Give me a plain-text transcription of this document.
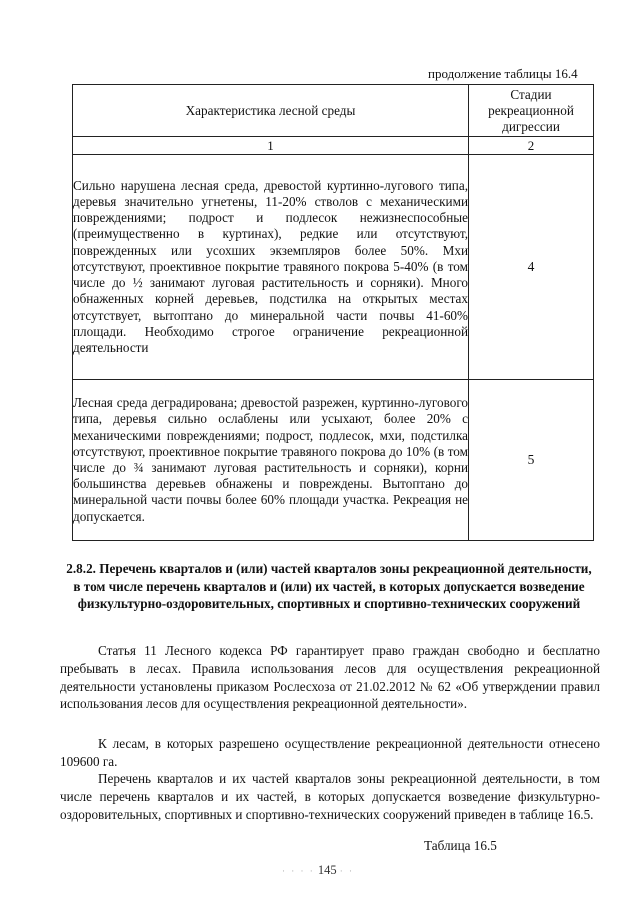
продолжение таблицы 16.4
Характеристика лесной среды	Стадии рекреационной дигрессии
1	2
Сильно нарушена лесная среда, древостой куртинно-лугового типа, деревья значительно угнетены, 11-20% стволов с механическими повреждениями; подрост и подлесок нежизнеспособные (преимущественно в куртинах), редкие или отсутствуют, поврежденных или усохших экземпляров более 50%. Мхи отсутствуют, проективное покрытие травяного покрова 5-40% (в том числе до ½ занимают луговая растительность и сорняки). Много обнаженных корней деревьев, подстилка на открытых местах отсутствует, вытоптано до минеральной части почвы 41-60% площади. Необходимо строгое ограничение рекреационной деятельности	4
Лесная среда деградирована; древостой разрежен, куртинно-лугового типа, деревья сильно ослаблены или усыхают, более 20% с механическими повреждениями; подрост, подлесок, мхи, подстилка отсутствуют, проективное покрытие травяного покрова до 10% (в том числе до ¾ занимают луговая растительность и сорняки), корни большинства деревьев обнажены и повреждены. Вытоптано до минеральной части почвы более 60% площади участка. Рекреация не допускается.	5
2.8.2. Перечень кварталов и (или) частей кварталов зоны рекреационной деятельности, в том числе перечень кварталов и (или) их частей, в которых допускается возведение физкультурно-оздоровительных, спортивных и спортивно-технических сооружений
Статья 11 Лесного кодекса РФ гарантирует право граждан свободно и бесплатно пребывать в лесах. Правила использования лесов для осуществления рекреационной деятельности установлены приказом Рослесхоза от 21.02.2012 № 62 «Об утверждении правил использования лесов для осуществления рекреационной деятельности».
К лесам, в которых разрешено осуществление рекреационной деятельности отнесено 109600 га.
Перечень кварталов и их частей кварталов зоны рекреационной деятельности, в том числе перечень кварталов и их частей, в которых допускается возведение физкультурно-оздоровительных, спортивных и спортивно-технических сооружений приведен в таблице 16.5.
Таблица 16.5
· · · · 145 · ·
